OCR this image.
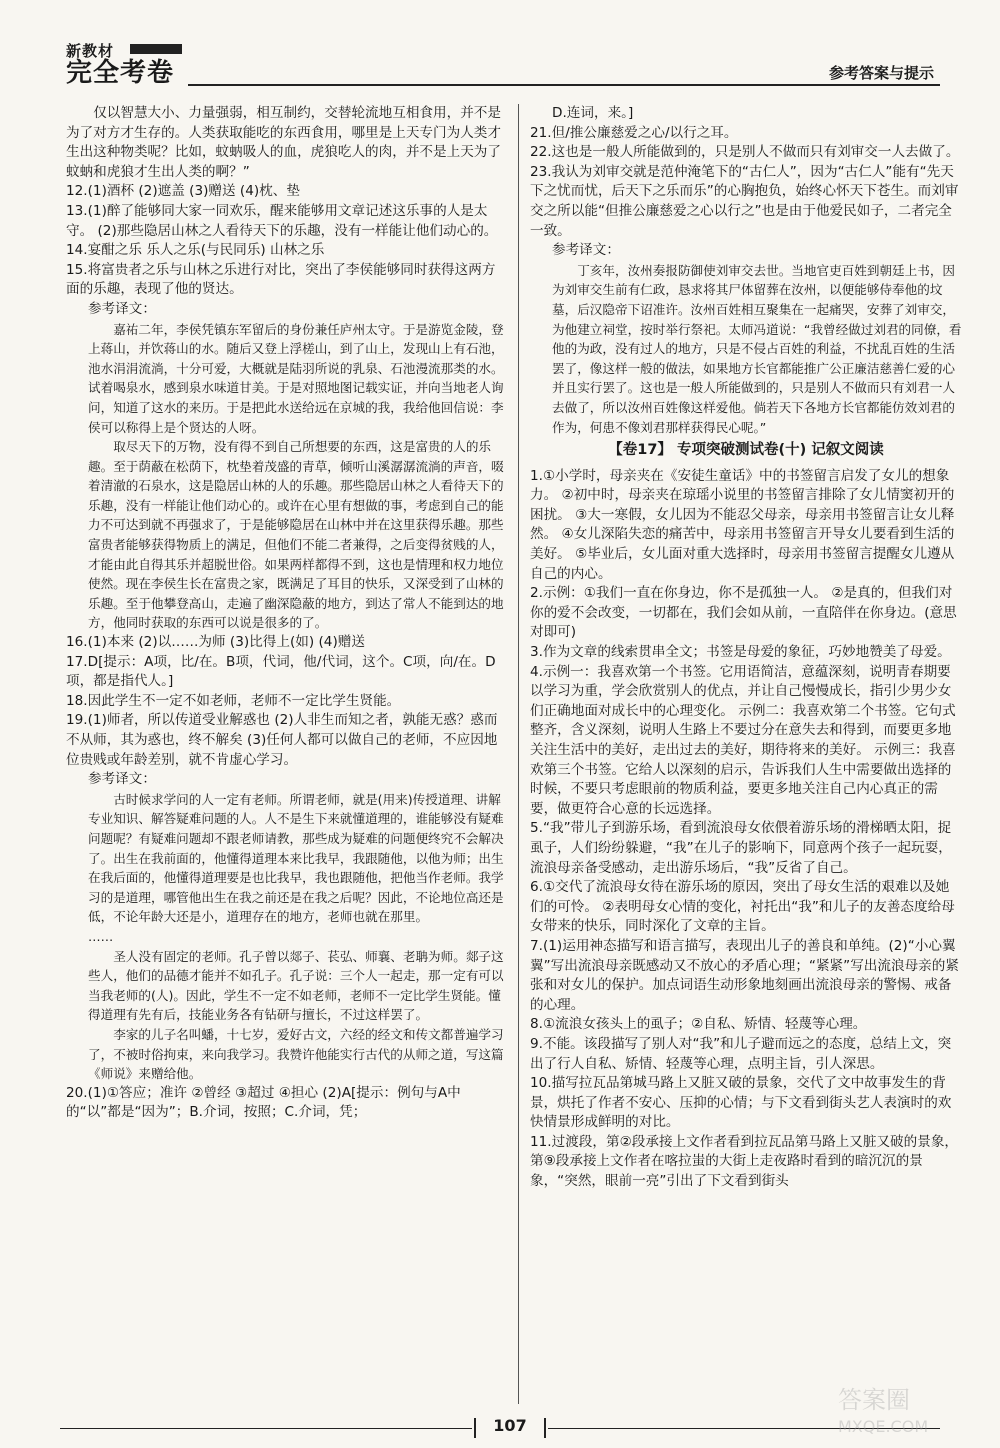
新教材
完全考卷	参考答案与提示

仅以智慧大小、力量强弱，相互制约，交替轮流地互相食用，并不是为了对方才生存的。人类获取能吃的东西食用，哪里是上天专门为人类才生出这种物类呢？比如，蚊蚋吸人的血，虎狼吃人的肉，并不是上天为了蚊蚋和虎狼才生出人类的啊？”

12.(1)酒杯 (2)遮盖 (3)赠送 (4)枕、垫

13.(1)醉了能够同大家一同欢乐，醒来能够用文章记述这乐事的人是太守。 (2)那些隐居山林之人看待天下的乐趣，没有一样能让他们动心的。

14.宴酣之乐 乐人之乐(与民同乐) 山林之乐

15.将富贵者之乐与山林之乐进行对比，突出了李侯能够同时获得这两方面的乐趣，表现了他的贤达。

参考译文：

嘉祐二年，李侯凭镇东军留后的身份兼任庐州太守。于是游览金陵，登上蒋山，并饮蒋山的水。随后又登上浮槎山，到了山上，发现山上有石池，池水涓涓流淌，十分可爱，大概就是陆羽所说的乳泉、石池漫流那类的水。试着喝泉水，感到泉水味道甘美。于是对照地图记载实证，并向当地老人询问，知道了这水的来历。于是把此水送给远在京城的我，我给他回信说：李侯可以称得上是个贤达的人呀。

取尽天下的万物，没有得不到自己所想要的东西，这是富贵的人的乐趣。至于荫蔽在松荫下，枕垫着茂盛的青草，倾听山溪潺潺流淌的声音，啜着清澈的石泉水，这是隐居山林的人的乐趣。那些隐居山林之人看待天下的乐趣，没有一样能让他们动心的。或许在心里有想做的事，考虑到自己的能力不可达到就不再强求了，于是能够隐居在山林中并在这里获得乐趣。那些富贵者能够获得物质上的满足，但他们不能二者兼得，之后变得贫贱的人，才能由此自得其乐并超脱世俗。如果两样都得不到，这也是情理和权力地位使然。现在李侯生长在富贵之家，既满足了耳目的快乐，又深受到了山林的乐趣。至于他攀登高山，走遍了幽深隐蔽的地方，到达了常人不能到达的地方，他同时获取的东西可以说是很多的了。

16.(1)本来 (2)以……为师 (3)比得上(如) (4)赠送

17.D[提示：A项，比/在。B项，代词，他/代词，这个。C项，向/在。D项，都是指代人。]

18.因此学生不一定不如老师，老师不一定比学生贤能。

19.(1)师者，所以传道受业解惑也 (2)人非生而知之者，孰能无惑？惑而不从师，其为惑也，终不解矣 (3)任何人都可以做自己的老师，不应因地位贵贱或年龄差别，就不肯虚心学习。

参考译文：

古时候求学问的人一定有老师。所谓老师，就是(用来)传授道理、讲解专业知识、解答疑难问题的人。人不是生下来就懂道理的，谁能够没有疑难问题呢？有疑难问题却不跟老师请教，那些成为疑难的问题便终究不会解决了。出生在我前面的，他懂得道理本来比我早，我跟随他，以他为师；出生在我后面的，他懂得道理要是也比我早，我也跟随他，把他当作老师。我学习的是道理，哪管他出生在我之前还是在我之后呢？因此，不论地位高还是低，不论年龄大还是小，道理存在的地方，老师也就在那里。

……

圣人没有固定的老师。孔子曾以郯子、苌弘、师襄、老聃为师。郯子这些人，他们的品德才能并不如孔子。孔子说：三个人一起走，那一定有可以当我老师的(人)。因此，学生不一定不如老师，老师不一定比学生贤能。懂得道理有先有后，技能业务各有钻研与擅长，不过这样罢了。

李家的儿子名叫蟠，十七岁，爱好古文，六经的经文和传文都普遍学习了，不被时俗拘束，来向我学习。我赞许他能实行古代的从师之道，写这篇《师说》来赠给他。

20.(1)①答应；准许 ②曾经 ③超过 ④担心 (2)A[提示：例句与A中的“以”都是“因为”；B.介词，按照；C.介词，凭；

D.连词，来。]

21.但/推公廉慈爱之心/以行之耳。

22.这也是一般人所能做到的，只是别人不做而只有刘审交一人去做了。

23.我认为刘审交就是范仲淹笔下的“古仁人”，因为“古仁人”能有“先天下之忧而忧，后天下之乐而乐”的心胸抱负，始终心怀天下苍生。而刘审交之所以能“但推公廉慈爱之心以行之”也是由于他爱民如子，二者完全一致。

参考译文：

丁亥年，汝州奏报防御使刘审交去世。当地官吏百姓到朝廷上书，因为刘审交生前有仁政，恳求将其尸体留葬在汝州，以便能够侍奉他的坟墓，后汉隐帝下诏准许。汝州百姓相互聚集在一起痛哭，安葬了刘审交，为他建立祠堂，按时举行祭祀。太师冯道说：“我曾经做过刘君的同僚，看他的为政，没有过人的地方，只是不侵占百姓的利益，不扰乱百姓的生活罢了，像这样一般的做法，如果地方长官都能推广公正廉洁慈善仁爱的心并且实行罢了。这也是一般人所能做到的，只是别人不做而只有刘君一人去做了，所以汝州百姓像这样爱他。倘若天下各地方长官都能仿效刘君的作为，何患不像刘君那样获得民心呢。”

【卷17】 专项突破测试卷(十) 记叙文阅读

1.①小学时，母亲夹在《安徒生童话》中的书签留言启发了女儿的想象力。 ②初中时，母亲夹在琼瑶小说里的书签留言排除了女儿情窦初开的困扰。 ③大一寒假，女儿因为不能忍父母亲，母亲用书签留言让女儿释然。 ④女儿深陷失恋的痛苦中，母亲用书签留言开导女儿要看到生活的美好。 ⑤毕业后，女儿面对重大选择时，母亲用书签留言提醒女儿遵从自己的内心。

2.示例：①我们一直在你身边，你不是孤独一人。 ②是真的，但我们对你的爱不会改变，一切都在，我们会如从前，一直陪伴在你身边。(意思对即可)

3.作为文章的线索贯串全文；书签是母爱的象征，巧妙地赞美了母爱。

4.示例一：我喜欢第一个书签。它用语简洁，意蕴深刻，说明青春期要以学习为重，学会欣赏别人的优点，并让自己慢慢成长，指引少男少女们正确地面对成长中的心理变化。 示例二：我喜欢第二个书签。它句式整齐，含义深刻，说明人生路上不要过分在意失去和得到，而要更多地关注生活中的美好，走出过去的美好，期待将来的美好。 示例三：我喜欢第三个书签。它给人以深刻的启示，告诉我们人生中需要做出选择的时候，不要只考虑眼前的物质利益，要更多地关注自己内心真正的需要，做更符合心意的长远选择。

5.“我”带儿子到游乐场，看到流浪母女依偎着游乐场的滑梯晒太阳，捉虱子，人们纷纷躲避，“我”在儿子的影响下，同意两个孩子一起玩耍，流浪母亲备受感动，走出游乐场后，“我”反省了自己。

6.①交代了流浪母女待在游乐场的原因，突出了母女生活的艰难以及她们的可怜。 ②表明母女心情的变化，衬托出“我”和儿子的友善态度给母女带来的快乐，同时深化了文章的主旨。

7.(1)运用神态描写和语言描写，表现出儿子的善良和单纯。(2)“小心翼翼”写出流浪母亲既感动又不放心的矛盾心理；“紧紧”写出流浪母亲的紧张和对女儿的保护。加点词语生动形象地刻画出流浪母亲的警惕、戒备的心理。

8.①流浪女孩头上的虱子；②自私、矫情、轻蔑等心理。

9.不能。该段描写了别人对“我”和儿子避而远之的态度，总结上文，突出了行人自私、矫情、轻蔑等心理，点明主旨，引人深思。

10.描写拉瓦品第城马路上又脏又破的景象，交代了文中故事发生的背景，烘托了作者不安心、压抑的心情；与下文看到街头艺人表演时的欢快情景形成鲜明的对比。

11.过渡段，第②段承接上文作者看到拉瓦品第马路上又脏又破的景象，第⑨段承接上文作者在喀拉蚩的大街上走夜路时看到的暗沉沉的景象，“突然，眼前一亮”引出了下文看到街头

107
答案圈
MXQE.COM
